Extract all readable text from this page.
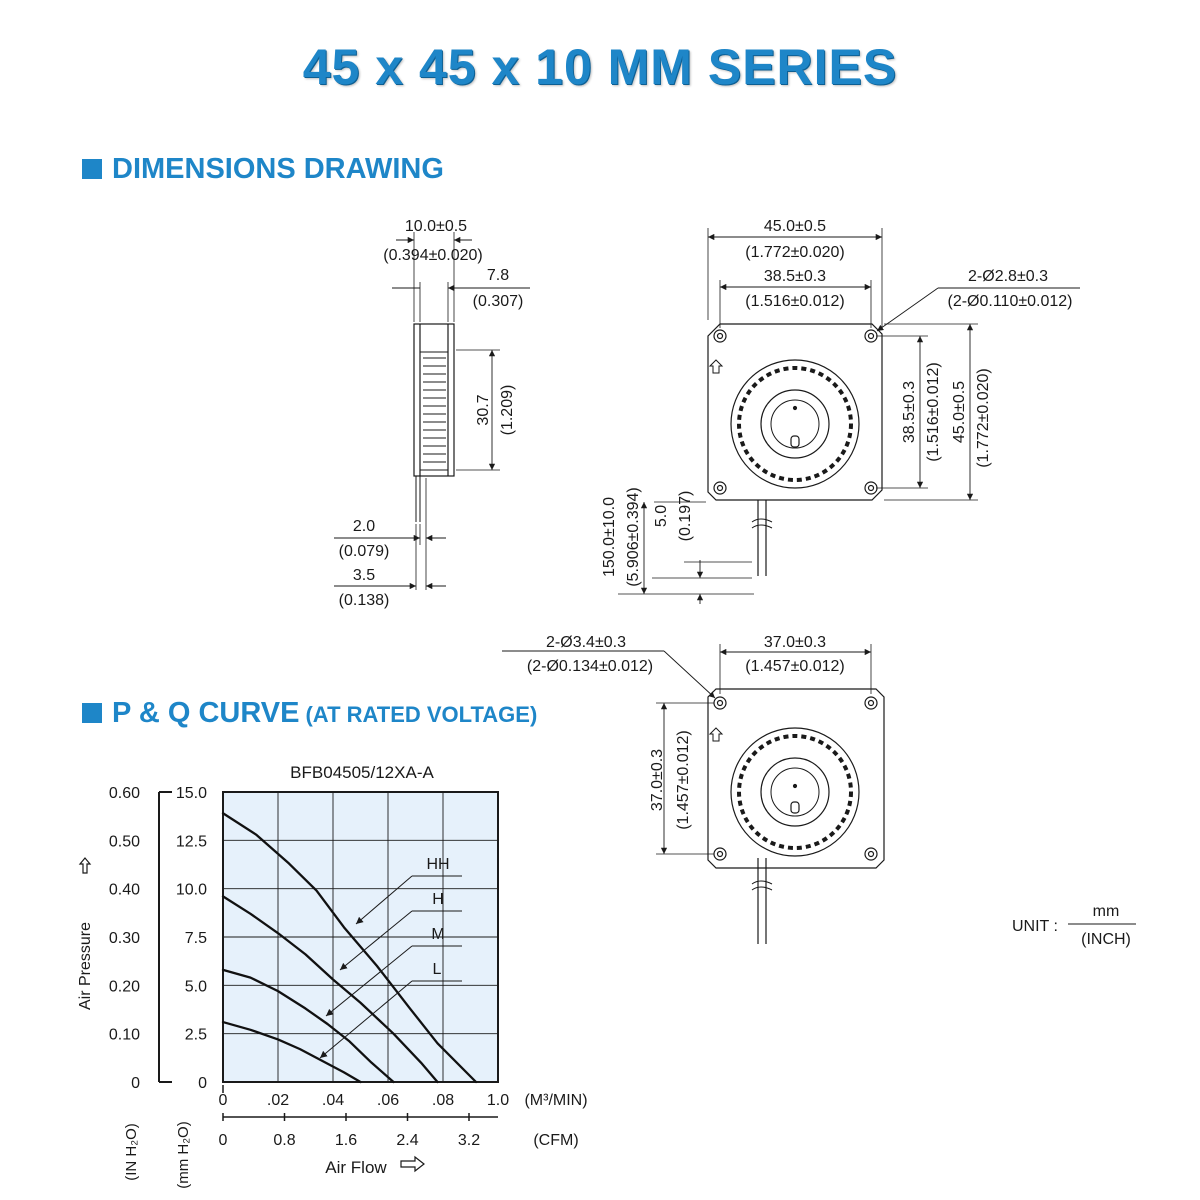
45 x 45 x 10 MM SERIES
DIMENSIONS DRAWING
P & Q CURVE (AT RATED VOLTAGE)
10.0±0.5
(0.394±0.020)
7.8
(0.307)
30.7 (1.209)
2.0
(0.079)
3.5
(0.138)
45.0±0.5
(1.772±0.020)
38.5±0.3
(1.516±0.012)
2-Ø2.8±0.3
(2-Ø0.110±0.012)
38.5±0.3 (1.516±0.012) 45.0±0.5 (1.772±0.020)
150.0±10.0 (5.906±0.394) 5.0 (0.197)
2-Ø3.4±0.3
(2-Ø0.134±0.012)
37.0±0.3
(1.457±0.012)
37.0±0.3 (1.457±0.012)
UNIT :
mm
(INCH)
BFB04505/12XA-A
0
2.5
5.0
7.5
10.0
12.5
15.0
0
0.10
0.20
0.30
0.40
0.50
0.60
0 .02 .04 .06 .08 1.0
0	0.8 1.6 2.4 3.2
HH
H
M
L
Air Pressure
(IN H₂O) (mm H₂O)
(M³/MIN)
(CFM)
Air Flow
